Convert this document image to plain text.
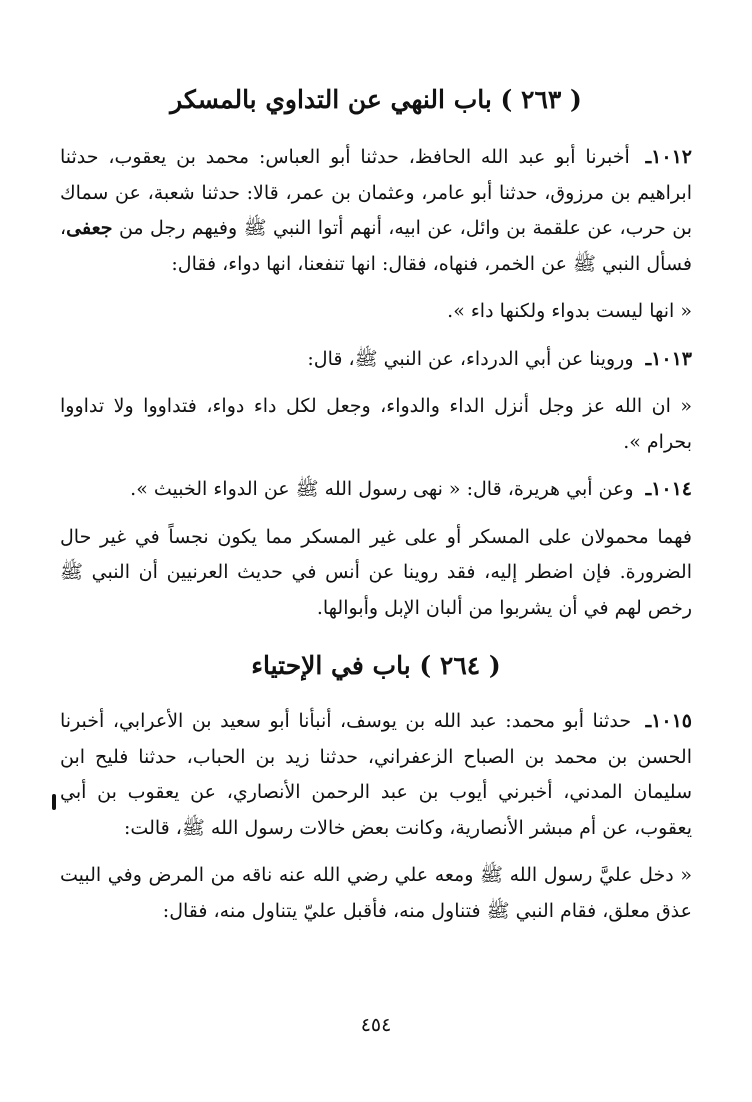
( ٢٦٣ ) باب النهي عن التداوي بالمسكر

١٠١٢ـ أخبرنا أبو عبد الله الحافظ، حدثنا أبو العباس: محمد بن يعقوب، حدثنا ابراهيم بن مرزوق، حدثنا أبو عامر، وعثمان بن عمر، قالا: حدثنا شعبة، عن سماك بن حرب، عن علقمة بن وائل، عن ابيه، أنهم أتوا النبي ﷺ وفيهم رجل من جعفى، فسأل النبي ﷺ عن الخمر، فنهاه، فقال: انها تنفعنا، انها دواء، فقال:

« انها ليست بدواء ولكنها داء ».

١٠١٣ـ وروينا عن أبي الدرداء، عن النبي ﷺ، قال:

« ان الله عز وجل أنزل الداء والدواء، وجعل لكل داء دواء، فتداووا ولا تداووا بحرام ».

١٠١٤ـ وعن أبي هريرة، قال: « نهى رسول الله ﷺ عن الدواء الخبيث ».

فهما محمولان على المسكر أو على غير المسكر مما يكون نجساً في غير حال الضرورة. فإن اضطر إليه، فقد روينا عن أنس في حديث العرنيين أن النبي ﷺ رخص لهم في أن يشربوا من ألبان الإبل وأبوالها.

( ٢٦٤ ) باب في الإحتياء

١٠١٥ـ حدثنا أبو محمد: عبد الله بن يوسف، أنبأنا أبو سعيد بن الأعرابي، أخبرنا الحسن بن محمد بن الصباح الزعفراني، حدثنا زيد بن الحباب، حدثنا فليح ابن سليمان المدني، أخبرني أيوب بن عبد الرحمن الأنصاري، عن يعقوب بن أبي يعقوب، عن أم مبشر الأنصارية، وكانت بعض خالات رسول الله ﷺ، قالت:

« دخل عليَّ رسول الله ﷺ ومعه علي رضي الله عنه ناقه من المرض وفي البيت عذق معلق، فقام النبي ﷺ فتناول منه، فأقبل عليّ يتناول منه، فقال:

٤٥٤
